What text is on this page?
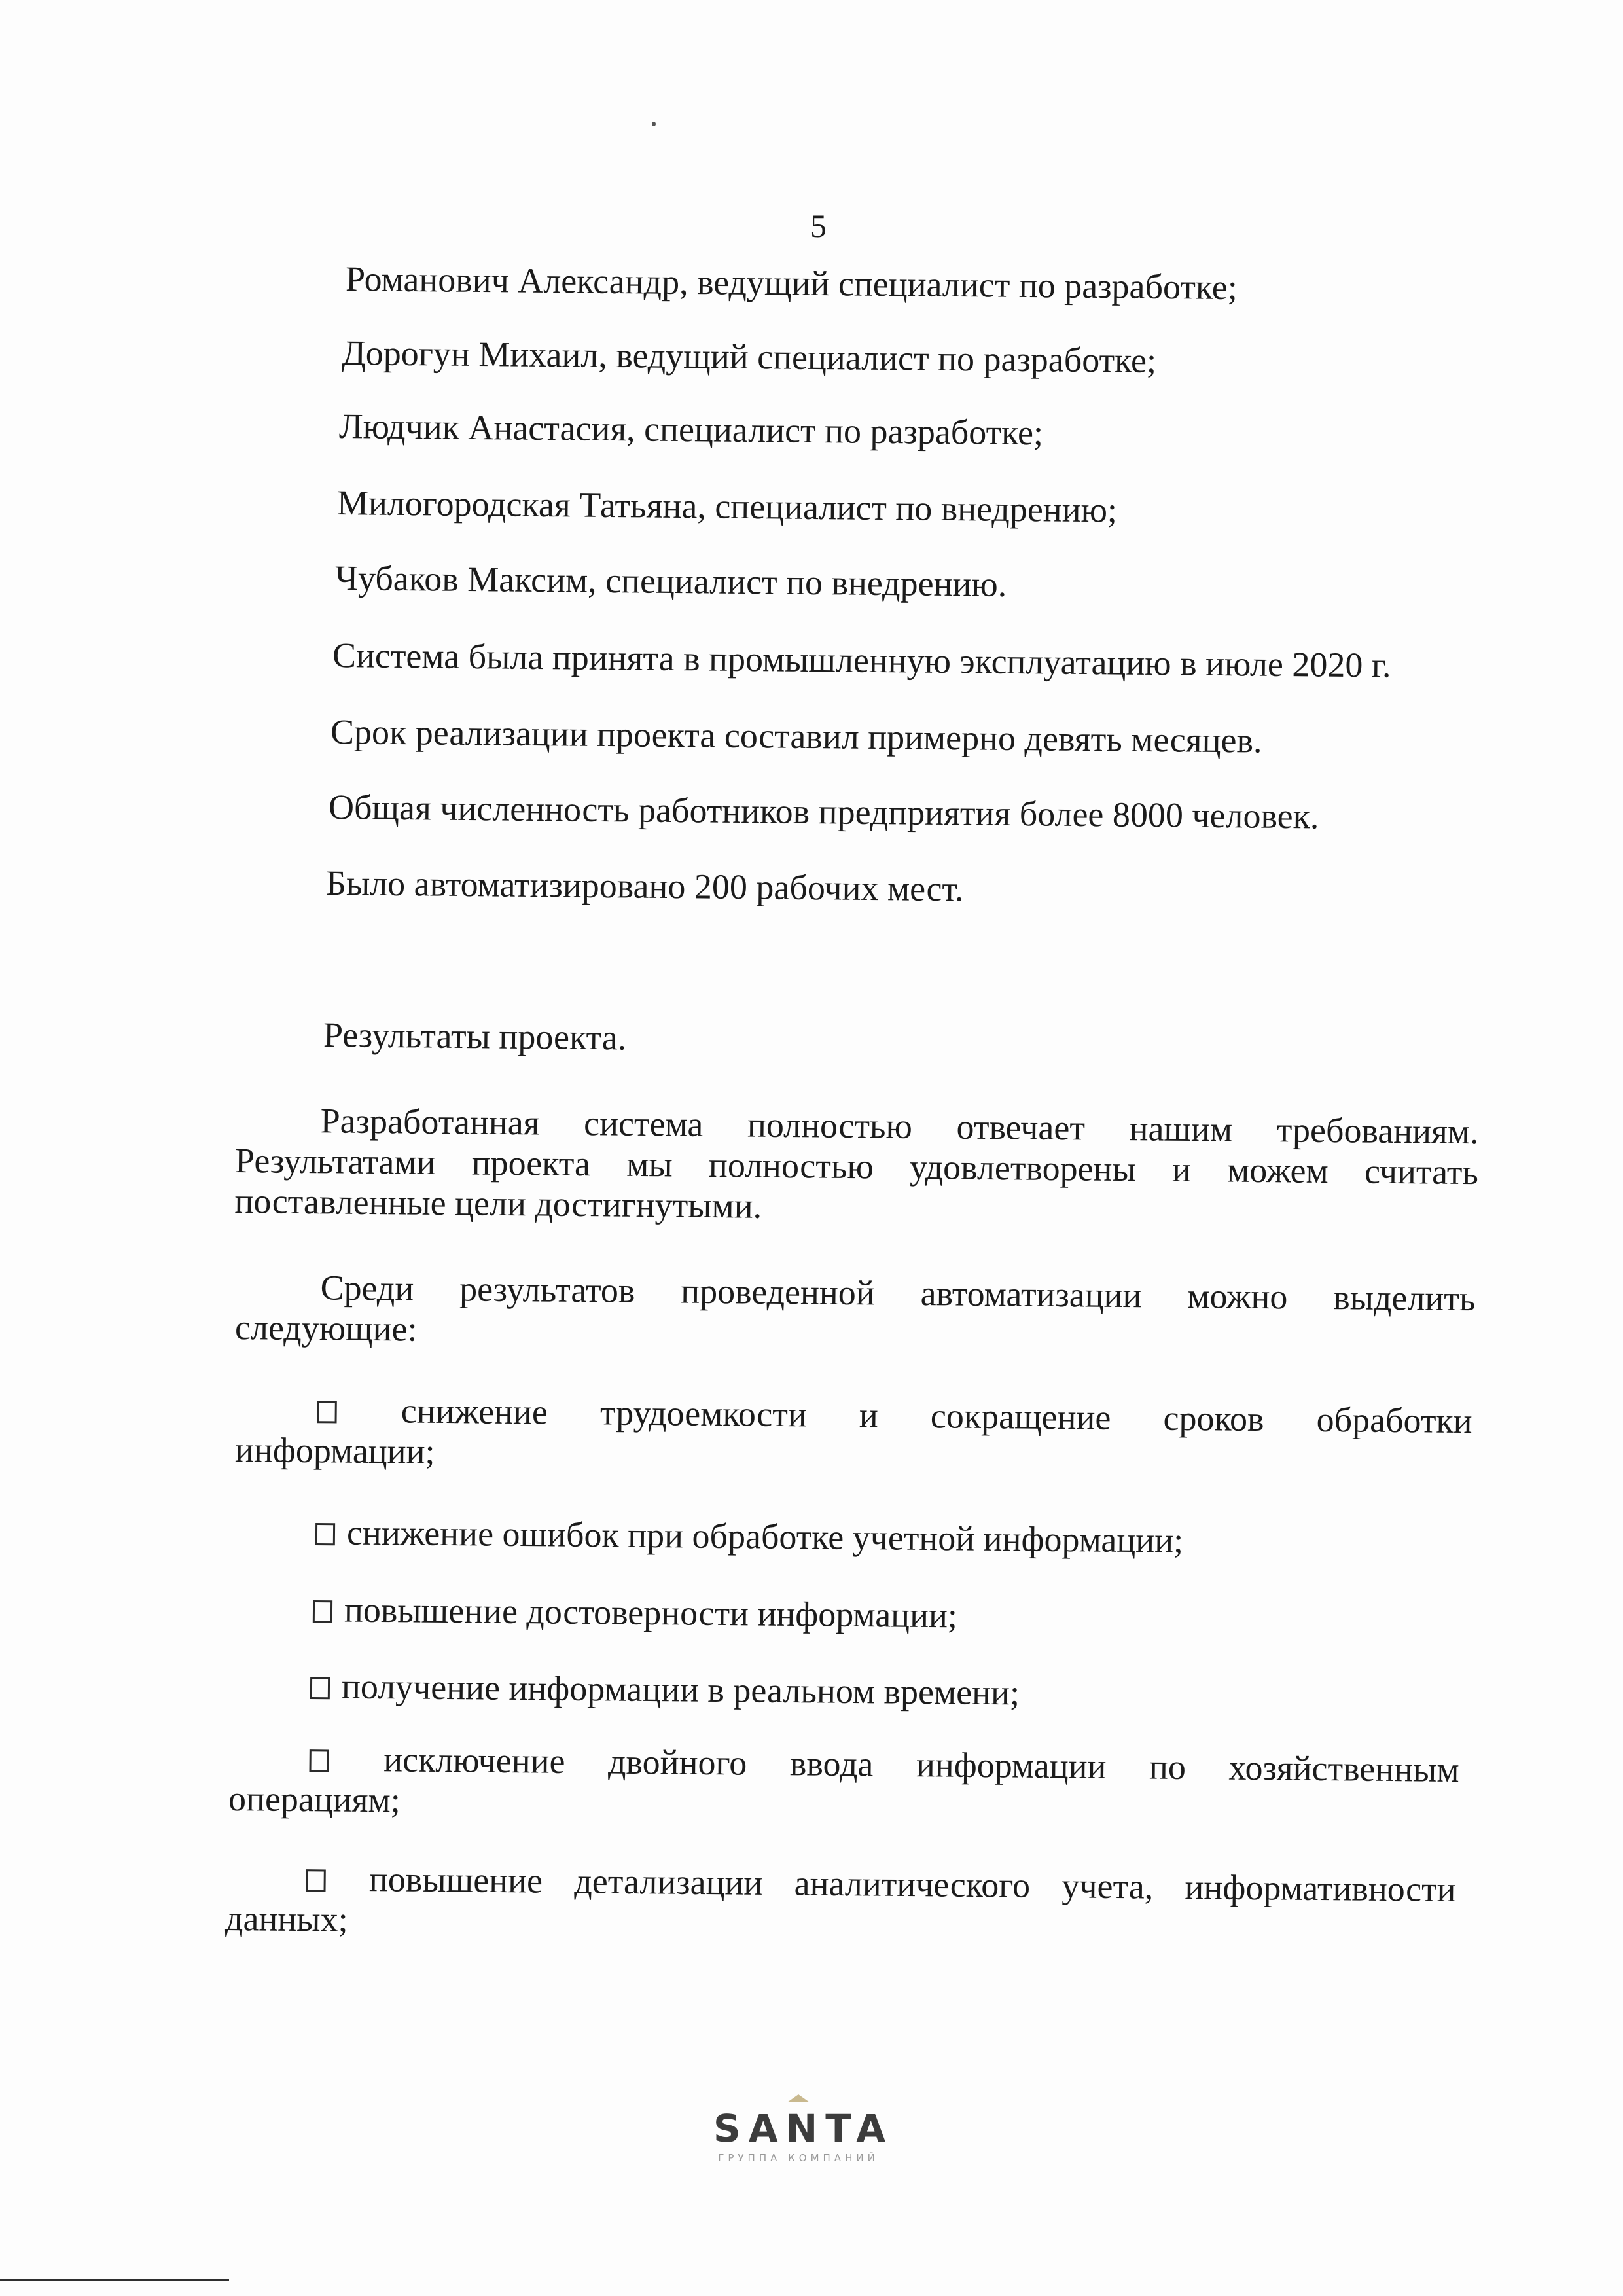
5
Романович Александр, ведущий специалист по разработке;
Дорогун Михаил, ведущий специалист по разработке;
Людчик Анастасия, специалист по разработке;
Милогородская Татьяна, специалист по внедрению;
Чубаков Максим, специалист по внедрению.
Система была принята в промышленную эксплуатацию в июле 2020 г.
Срок реализации проекта составил примерно девять месяцев.
Общая численность работников предприятия более 8000 человек.
Было автоматизировано 200 рабочих мест.
Результаты проекта.
Разработанная система полностью отвечает нашим требованиям.
Результатами проекта мы полностью удовлетворены и можем считать
поставленные цели достигнутыми.
Среди результатов проведенной автоматизации можно выделить
следующие:
снижение трудоемкости и сокращение сроков обработки
информации;
снижение ошибок при обработке учетной информации;
повышение достоверности информации;
получение информации в реальном времени;
исключение двойного ввода информации по хозяйственным
операциям;
повышение детализации аналитического учета, информативности
данных;
SANTA
ГРУППА КОМПАНИЙ
